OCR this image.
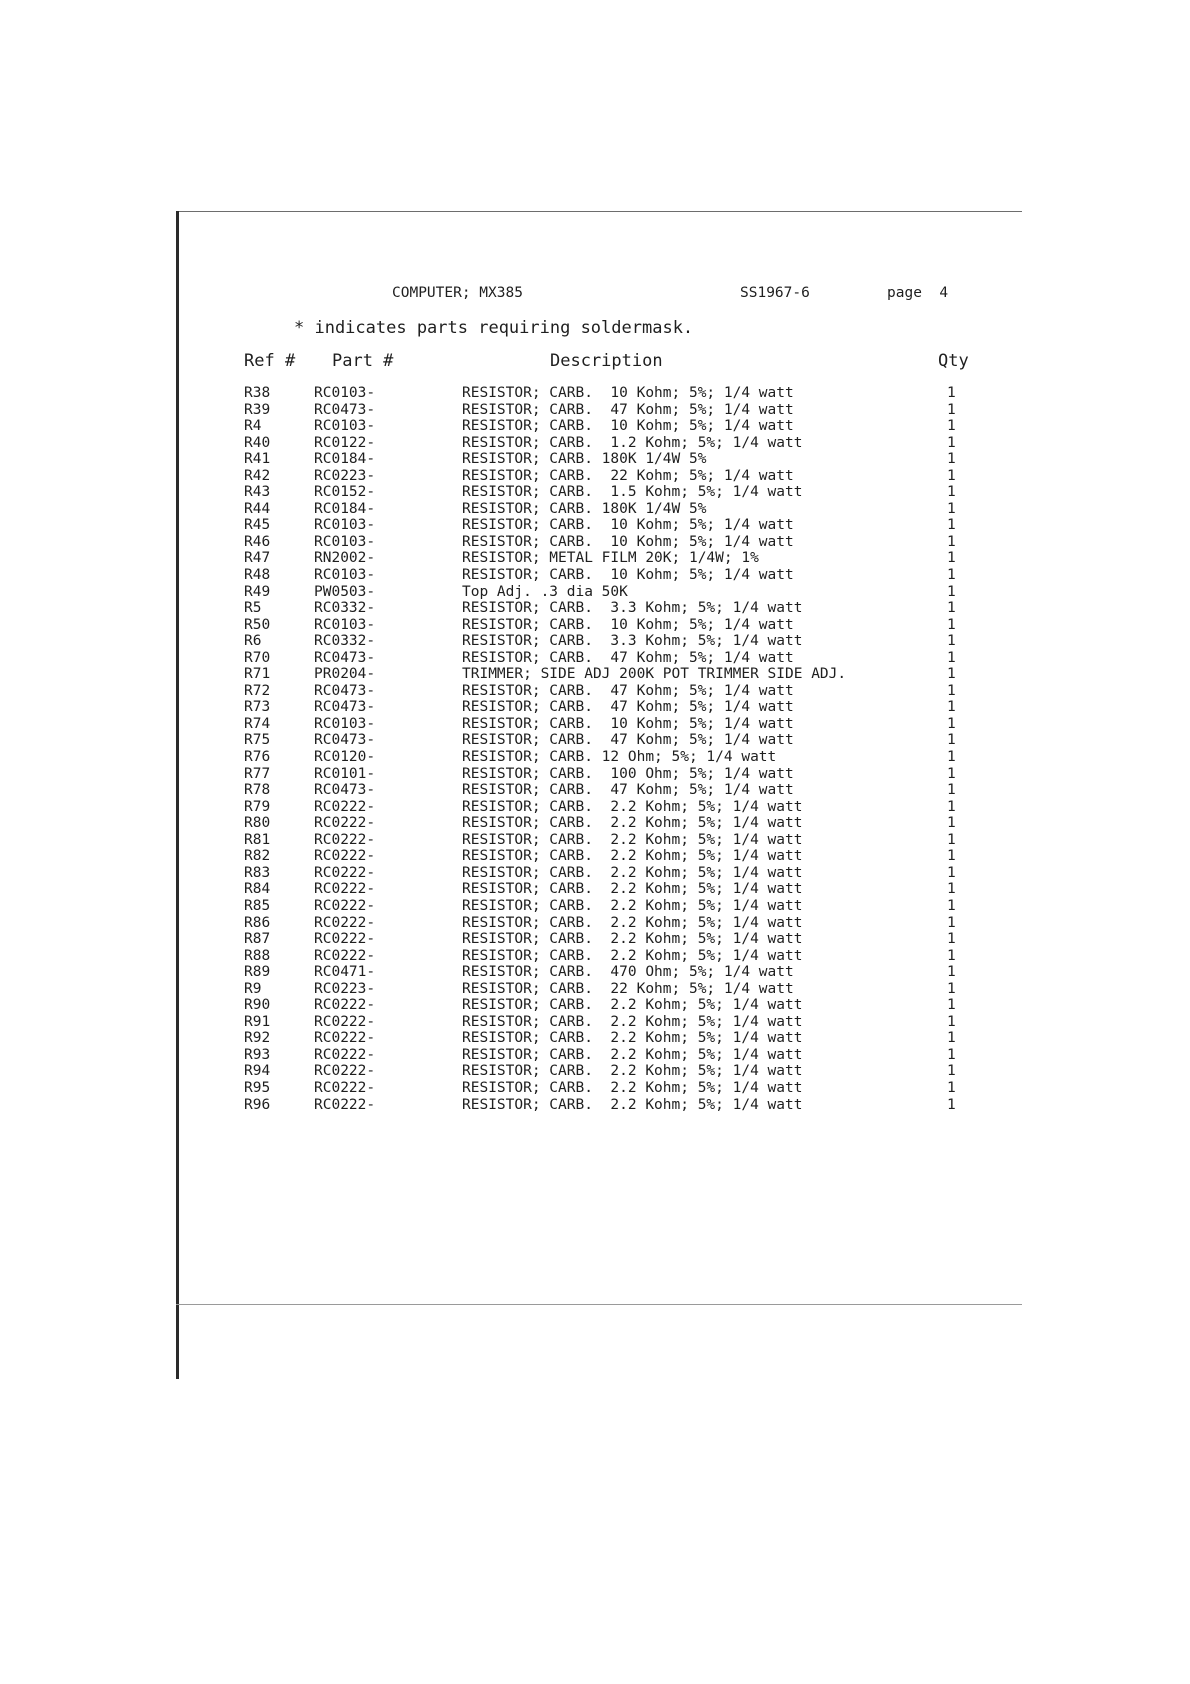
COMPUTER; MX385	SS1967-6	page  4
* indicates parts requiring soldermask.
Ref # Part #	Description	Qty
R38	RC0103-	RESISTOR; CARB.  10 Kohm; 5%; 1/4 watt	1
R39	RC0473-	RESISTOR; CARB.  47 Kohm; 5%; 1/4 watt	1
R4	RC0103-	RESISTOR; CARB.  10 Kohm; 5%; 1/4 watt	1
R40	RC0122-	RESISTOR; CARB.  1.2 Kohm; 5%; 1/4 watt	1
R41	RC0184-	RESISTOR; CARB. 180K 1/4W 5%	1
R42	RC0223-	RESISTOR; CARB.  22 Kohm; 5%; 1/4 watt	1
R43	RC0152-	RESISTOR; CARB.  1.5 Kohm; 5%; 1/4 watt	1
R44	RC0184-	RESISTOR; CARB. 180K 1/4W 5%	1
R45	RC0103-	RESISTOR; CARB.  10 Kohm; 5%; 1/4 watt	1
R46	RC0103-	RESISTOR; CARB.  10 Kohm; 5%; 1/4 watt	1
R47	RN2002-	RESISTOR; METAL FILM 20K; 1/4W; 1%	1
R48	RC0103-	RESISTOR; CARB.  10 Kohm; 5%; 1/4 watt	1
R49	PW0503-	Top Adj. .3 dia 50K	1
R5	RC0332-	RESISTOR; CARB.  3.3 Kohm; 5%; 1/4 watt	1
R50	RC0103-	RESISTOR; CARB.  10 Kohm; 5%; 1/4 watt	1
R6	RC0332-	RESISTOR; CARB.  3.3 Kohm; 5%; 1/4 watt	1
R70	RC0473-	RESISTOR; CARB.  47 Kohm; 5%; 1/4 watt	1
R71	PR0204-	TRIMMER; SIDE ADJ 200K POT TRIMMER SIDE ADJ.	1
R72	RC0473-	RESISTOR; CARB.  47 Kohm; 5%; 1/4 watt	1
R73	RC0473-	RESISTOR; CARB.  47 Kohm; 5%; 1/4 watt	1
R74	RC0103-	RESISTOR; CARB.  10 Kohm; 5%; 1/4 watt	1
R75	RC0473-	RESISTOR; CARB.  47 Kohm; 5%; 1/4 watt	1
R76	RC0120-	RESISTOR; CARB. 12 Ohm; 5%; 1/4 watt	1
R77	RC0101-	RESISTOR; CARB.  100 Ohm; 5%; 1/4 watt	1
R78	RC0473-	RESISTOR; CARB.  47 Kohm; 5%; 1/4 watt	1
R79	RC0222-	RESISTOR; CARB.  2.2 Kohm; 5%; 1/4 watt	1
R80	RC0222-	RESISTOR; CARB.  2.2 Kohm; 5%; 1/4 watt	1
R81	RC0222-	RESISTOR; CARB.  2.2 Kohm; 5%; 1/4 watt	1
R82	RC0222-	RESISTOR; CARB.  2.2 Kohm; 5%; 1/4 watt	1
R83	RC0222-	RESISTOR; CARB.  2.2 Kohm; 5%; 1/4 watt	1
R84	RC0222-	RESISTOR; CARB.  2.2 Kohm; 5%; 1/4 watt	1
R85	RC0222-	RESISTOR; CARB.  2.2 Kohm; 5%; 1/4 watt	1
R86	RC0222-	RESISTOR; CARB.  2.2 Kohm; 5%; 1/4 watt	1
R87	RC0222-	RESISTOR; CARB.  2.2 Kohm; 5%; 1/4 watt	1
R88	RC0222-	RESISTOR; CARB.  2.2 Kohm; 5%; 1/4 watt	1
R89	RC0471-	RESISTOR; CARB.  470 Ohm; 5%; 1/4 watt	1
R9	RC0223-	RESISTOR; CARB.  22 Kohm; 5%; 1/4 watt	1
R90	RC0222-	RESISTOR; CARB.  2.2 Kohm; 5%; 1/4 watt	1
R91	RC0222-	RESISTOR; CARB.  2.2 Kohm; 5%; 1/4 watt	1
R92	RC0222-	RESISTOR; CARB.  2.2 Kohm; 5%; 1/4 watt	1
R93	RC0222-	RESISTOR; CARB.  2.2 Kohm; 5%; 1/4 watt	1
R94	RC0222-	RESISTOR; CARB.  2.2 Kohm; 5%; 1/4 watt	1
R95	RC0222-	RESISTOR; CARB.  2.2 Kohm; 5%; 1/4 watt	1
R96	RC0222-	RESISTOR; CARB.  2.2 Kohm; 5%; 1/4 watt	1
